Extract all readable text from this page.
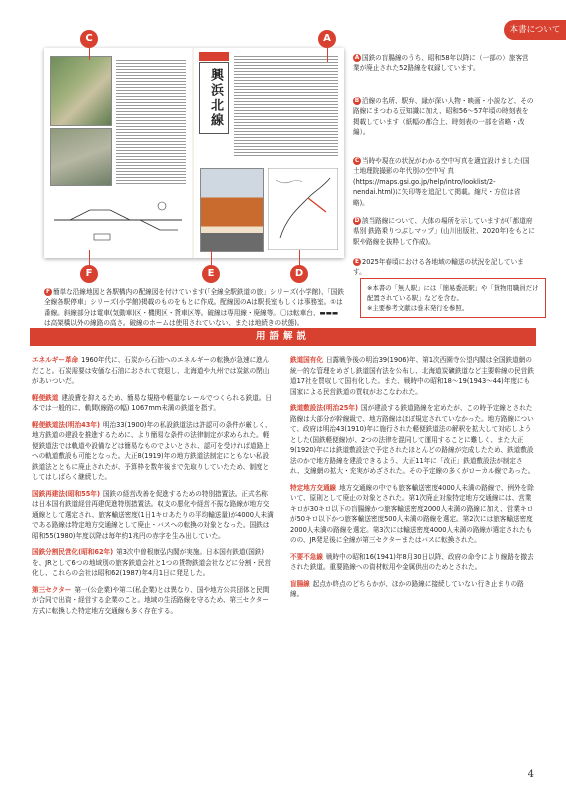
本書について
興浜北線
C	A
F	E	D
A 国鉄の盲腸線のうち、昭和58年以降に（一部の）旅客営業が廃止された52路線を収録しています。
B 沿線の名所、駅弁、縁が深い人物・映画・小説など、その路線にまつわる豆知識に加え、昭和56〜57年頃の時刻表を掲載しています（紙幅の都合上、時刻表の一部を省略・改編）。
C 当時や現在の状況がわかる空中写真を適宜設けました(国土地理院撮影の年代別の空中写 真(https://maps.gsi.go.jp/help/intro/looklist/2-nendai.html)に矢印等を追記して掲載。縮尺・方位は省略)。
D 該当路線について、大体の場所を示していますが(「都道府県別 鉄路乗りつぶしマップ」(山川出版社、2020年)をもとに駅や路線を抜粋して作成)。
E 2025年春頃における各地域の輸送の状況を記しています。
F 簡単な沿線地図と各駅構内の配線図を付けています(「全線全駅鉄道の旅」シリーズ(小学館)、「国鉄全線各駅停車」シリーズ(小学館)掲載のものをもとに作成。配線図のAは駅長室もしくは事務室。①は番線。斜線部分は電車(気動車)区・機関区・貨車区等。破線は専用線・廃線等。〇は転車台、▬▬▬は高架橋以外の線路の高さ。破線のホームは使用されていない、または地続きの状態)。
※本書の「無人駅」には「簡易委託駅」や「貨物用職員だけ配置されている駅」などを含む。
※主要参考文献は巻末発行を参照。
用語解説
エネルギー革命 1960年代に、石炭から石油へのエネルギーの転換が急速に進んだこと。石炭需要は安価な石油におされて衰退し、北海道や九州では炭鉱の閉山があいついだ。
軽便鉄道 建設費を抑えるため、簡易な規格や軽量なレールでつくられる鉄道。日本では一般的に、軌間(線路の幅) 1067mm未満の鉄道を指す。
軽便鉄道法(明治43年) 明治33(1900)年の私設鉄道法は許認可の条件が厳しく、地方鉄道の建設を推進するために、より簡易な条件の法律制定が求められた。軽便鉄道法では軌道や設備などは簡易なものでよいとされ、認可を受ければ道路上への軌道敷設も可能となった。大正8(1919)年の地方鉄道法制定にともない私設鉄道法とともに廃止されたが、予算枠を数年後まで先取りしていたため、制度としてはしばらく継続した。
国鉄再建法(昭和55年) 国鉄の経営改善を促進するための特別措置法。正式名称は日本国有鉄道経営再建促進特別措置法。収支の悪化や経営不振な路線が地方交通線として選定され、旅客輸送密度(1日1キロあたりの平均輸送量)が4000人未満である路線は特定地方交通線として廃止・バスへの転換の対象となった。国鉄は昭和55(1980)年度以降は毎年約1兆円の赤字を生み出していた。
国鉄分割民営化(昭和62年) 第3次中曽根康弘内閣が実施。日本国有鉄道(国鉄)を、JRとして6つの地域別の旅客鉄道会社と1つの貨物鉄道会社などに分割・民営化し、これらの会社は昭和62(1987)年4月1日に発足した。
第三セクター 第一(公企業)や第二(私企業)とは異なり、国や地方公共団体と民間が合同で出資・経営する企業のこと。地域の生活路線を守るため、第三セクター方式に転換した特定地方交通線も多く存在する。
鉄道国有化 日露戦争後の明治39(1906)年、第1次西園寺公望内閣は全国鉄道網の統一的な管理をめざし鉄道国有法を公布し、北海道炭礦鉄道など主要幹線の民営鉄道17社を買収して国有化した。また、戦時中の昭和18〜19(1943〜44)年度にも国家による民営鉄道の買収がおこなわれた。
鉄道敷設法(明治25年) 国が建設する鉄道路線を定めたが、この時予定線とされた路線は大部分が幹線級で、地方路線はほぼ規定されていなかった。地方路線について、政府は明治43(1910)年に施行された軽便鉄道法の解釈を拡大して対応しようとした(国鉄軽便線)が、2つの法律を混同して運用することに難しく、また大正9(1920)年には鉄道敷設法で予定されたほとんどの路線が完成したため、鉄道敷設法のかで地方路線を建設できるよう、大正11年に「改正」鉄道敷設法が制定され、支線網の拡大・充実がめざされた。その予定線の多くがローカル線であった。
特定地方交通線 地方交通線の中でも旅客輸送密度4000人未満の路線で、例外を除いて、原則として廃止の対象とされた。第1次廃止対象特定地方交通線には、営業キロが30キロ以下の盲腸線かつ旅客輸送密度2000人未満の路線に加え、営業キロが50キロ以下かつ旅客輸送密度500人未満の路線を選定。第2次には旅客輸送密度2000人未満の路線を選定。第3次には輸送密度4000人未満の路線が選定されたものの、JR発足後に全線が第三セクターまたはバスに転換された。
不要不急線 戦時中の昭和16(1941)年8月30日以降、政府の命令により線路を撤去された鉄道。重要路線への資材転用や金属供出のためとされた。
盲腸線 起点か終点のどちらかが、ほかの路線に接続していない行き止まりの路線。
4
